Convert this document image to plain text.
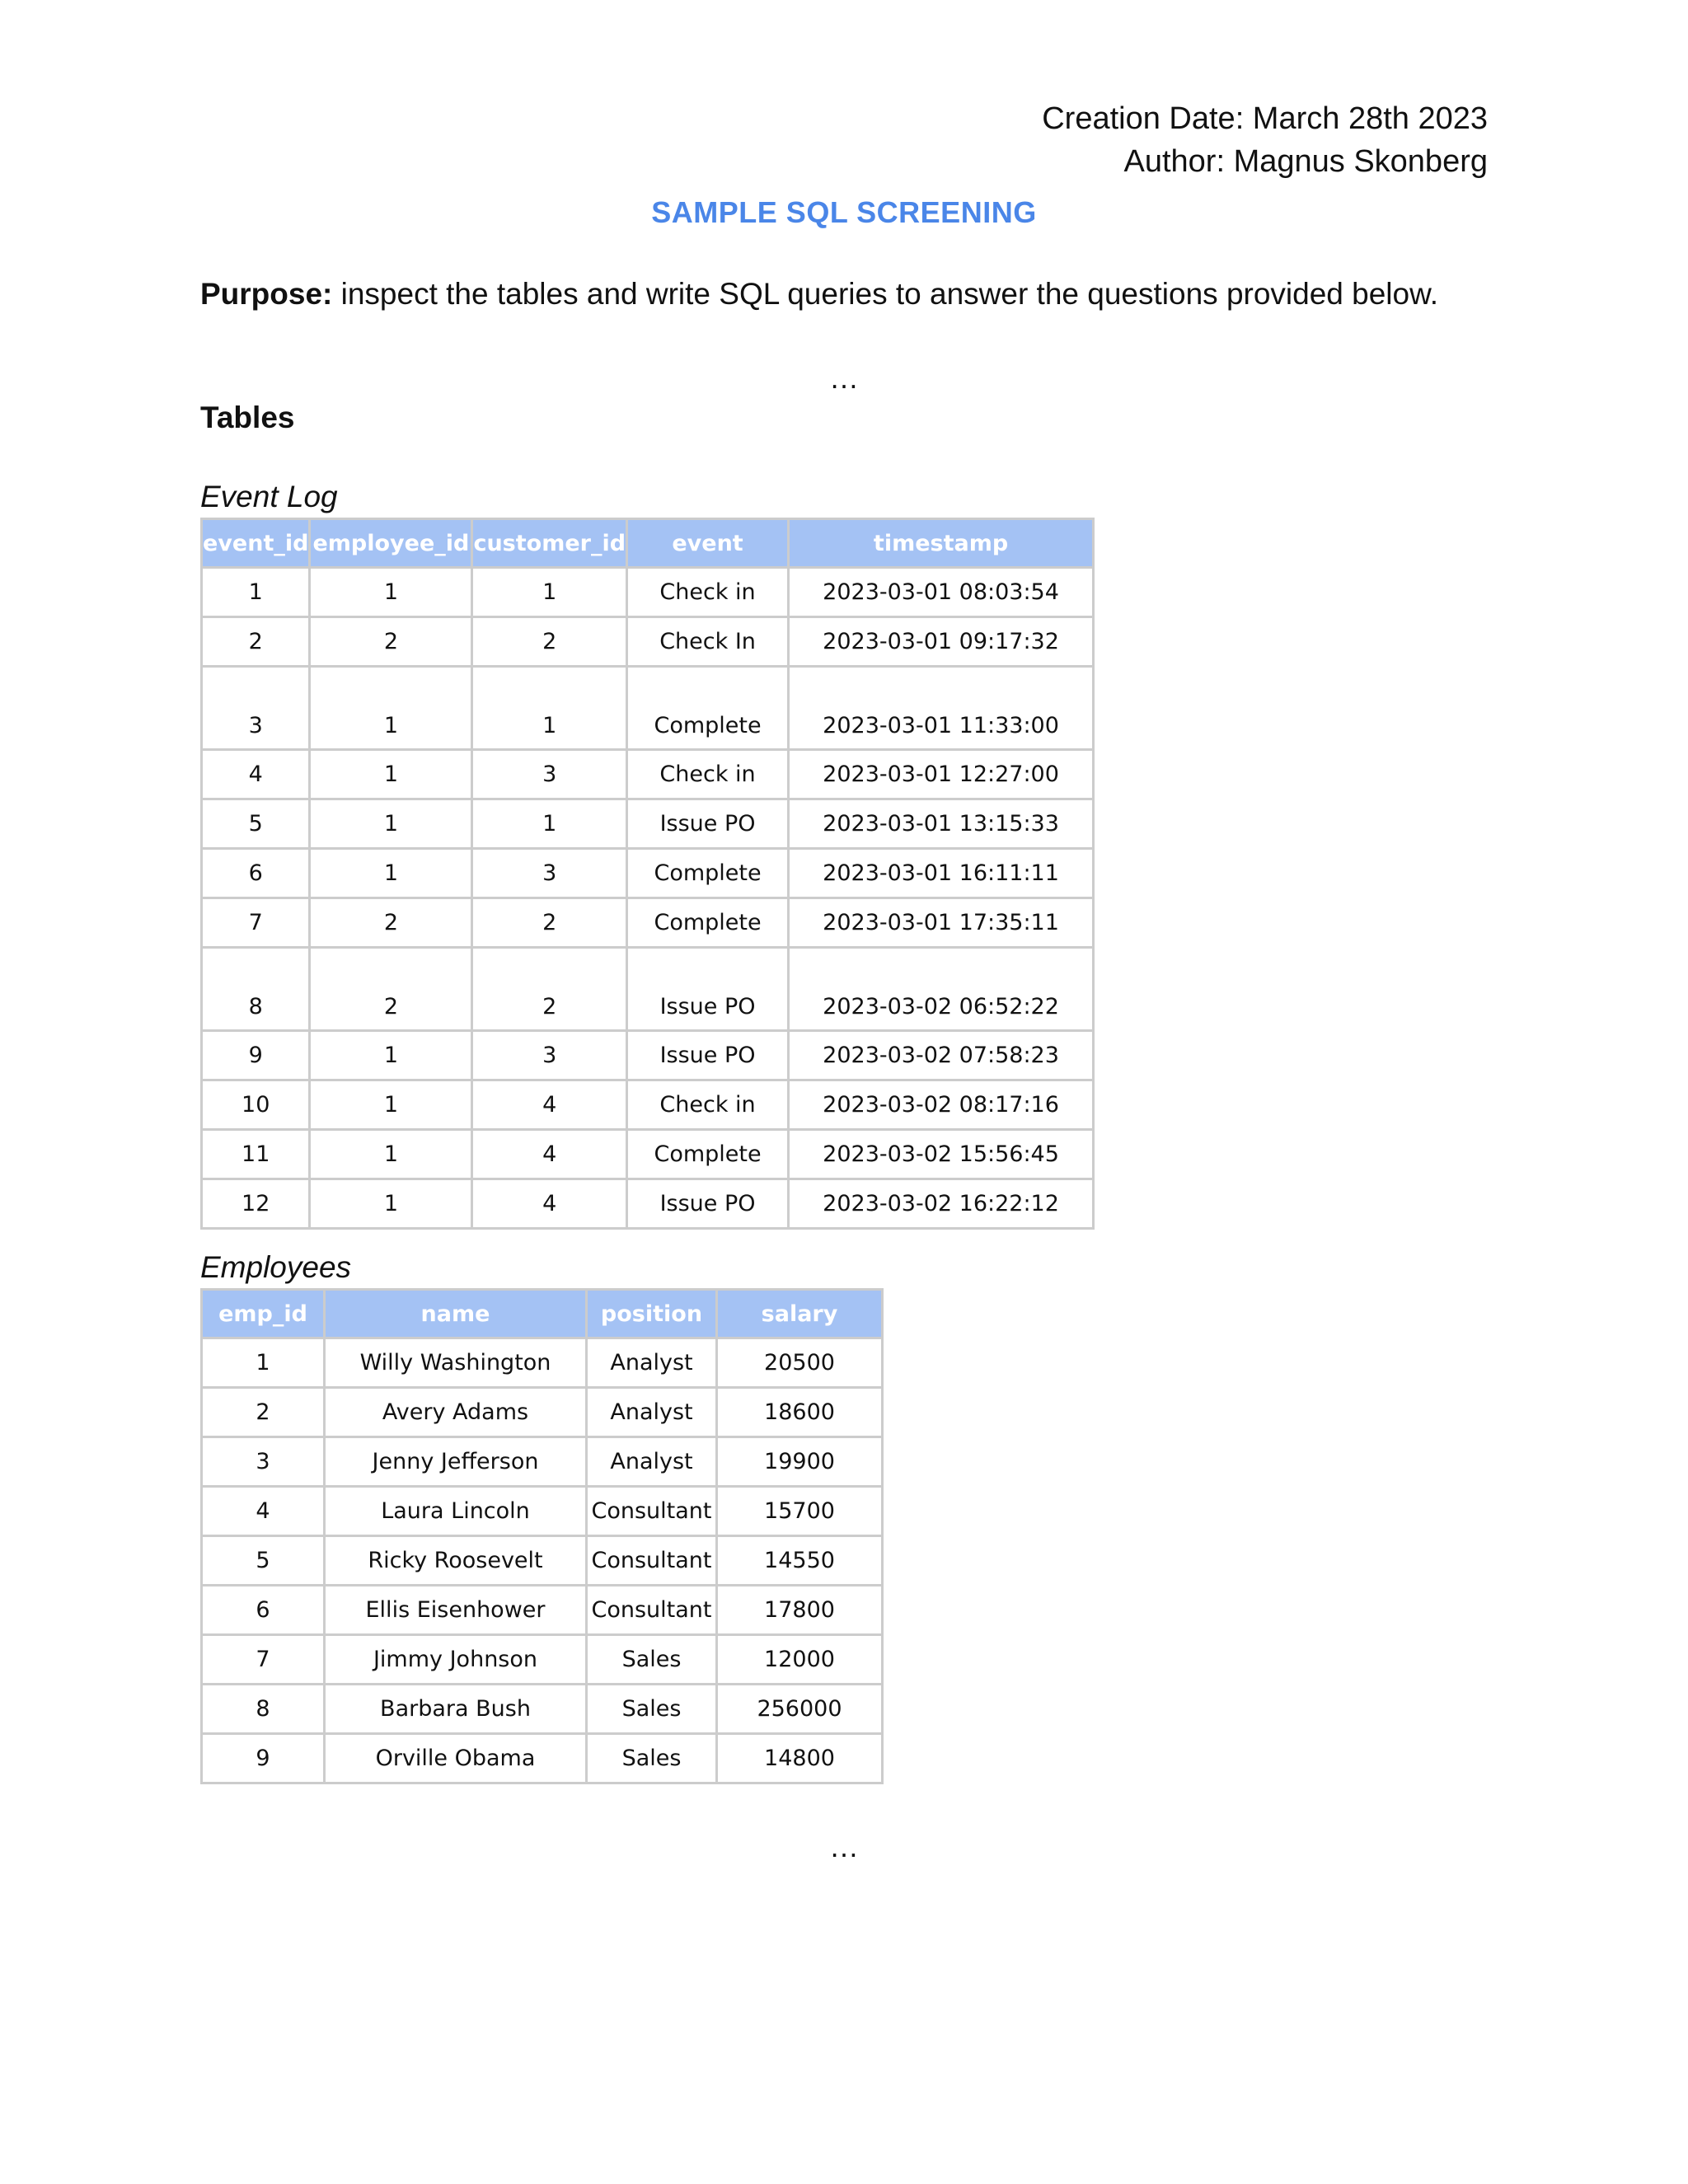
Creation Date: March 28th 2023
Author: Magnus Skonberg
SAMPLE SQL SCREENING
Purpose: inspect the tables and write SQL queries to answer the questions provided below.
…
Tables
Event Log
event_id	employee_id	customer_id	event	timestamp
1	1	1	Check in	2023-03-01 08:03:54
2	2	2	Check In	2023-03-01 09:17:32
3	1	1	Complete	2023-03-01 11:33:00
4	1	3	Check in	2023-03-01 12:27:00
5	1	1	Issue PO	2023-03-01 13:15:33
6	1	3	Complete	2023-03-01 16:11:11
7	2	2	Complete	2023-03-01 17:35:11
8	2	2	Issue PO	2023-03-02 06:52:22
9	1	3	Issue PO	2023-03-02 07:58:23
10	1	4	Check in	2023-03-02 08:17:16
11	1	4	Complete	2023-03-02 15:56:45
12	1	4	Issue PO	2023-03-02 16:22:12
Employees
emp_id	name	position	salary
1	Willy Washington	Analyst	20500
2	Avery Adams	Analyst	18600
3	Jenny Jefferson	Analyst	19900
4	Laura Lincoln	Consultant	15700
5	Ricky Roosevelt	Consultant	14550
6	Ellis Eisenhower	Consultant	17800
7	Jimmy Johnson	Sales	12000
8	Barbara Bush	Sales	256000
9	Orville Obama	Sales	14800
…
